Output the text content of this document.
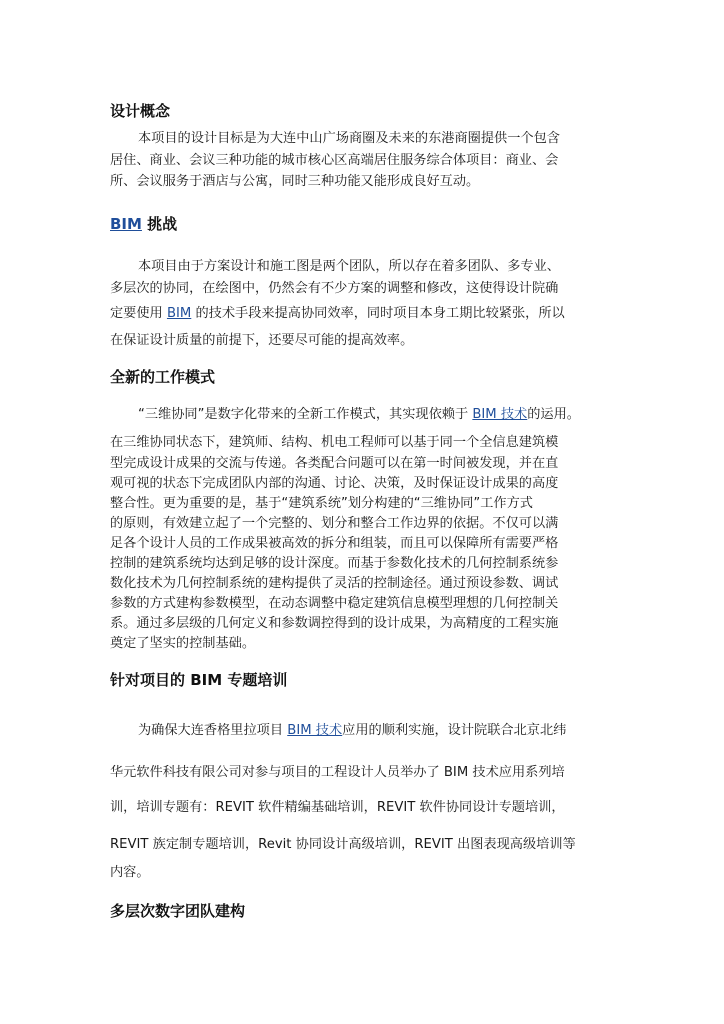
设计概念
本项目的设计目标是为大连中山广场商圈及未来的东港商圈提供一个包含
居住、商业、会议三种功能的城市核心区高端居住服务综合体项目：商业、会
所、会议服务于酒店与公寓，同时三种功能又能形成良好互动。
BIM 挑战
本项目由于方案设计和施工图是两个团队，所以存在着多团队、多专业、
多层次的协同，在绘图中，仍然会有不少方案的调整和修改，这使得设计院确
定要使用 BIM 的技术手段来提高协同效率，同时项目本身工期比较紧张，所以
在保证设计质量的前提下，还要尽可能的提高效率。
全新的工作模式
“三维协同”是数字化带来的全新工作模式，其实现依赖于 BIM 技术的运用。
在三维协同状态下，建筑师、结构、机电工程师可以基于同一个全信息建筑模
型完成设计成果的交流与传递。各类配合问题可以在第一时间被发现，并在直
观可视的状态下完成团队内部的沟通、讨论、决策，及时保证设计成果的高度
整合性。更为重要的是，基于“建筑系统”划分构建的“三维协同”工作方式
的原则，有效建立起了一个完整的、划分和整合工作边界的依据。不仅可以满
足各个设计人员的工作成果被高效的拆分和组装，而且可以保障所有需要严格
控制的建筑系统均达到足够的设计深度。而基于参数化技术的几何控制系统参
数化技术为几何控制系统的建构提供了灵活的控制途径。通过预设参数、调试
参数的方式建构参数模型，在动态调整中稳定建筑信息模型理想的几何控制关
系。通过多层级的几何定义和参数调控得到的设计成果，为高精度的工程实施
奠定了坚实的控制基础。
针对项目的 BIM 专题培训
为确保大连香格里拉项目 BIM 技术应用的顺利实施，设计院联合北京北纬
华元软件科技有限公司对参与项目的工程设计人员举办了 BIM 技术应用系列培
训，培训专题有：REVIT 软件精编基础培训，REVIT 软件协同设计专题培训，
REVIT 族定制专题培训，Revit 协同设计高级培训，REVIT 出图表现高级培训等
内容。
多层次数字团队建构
